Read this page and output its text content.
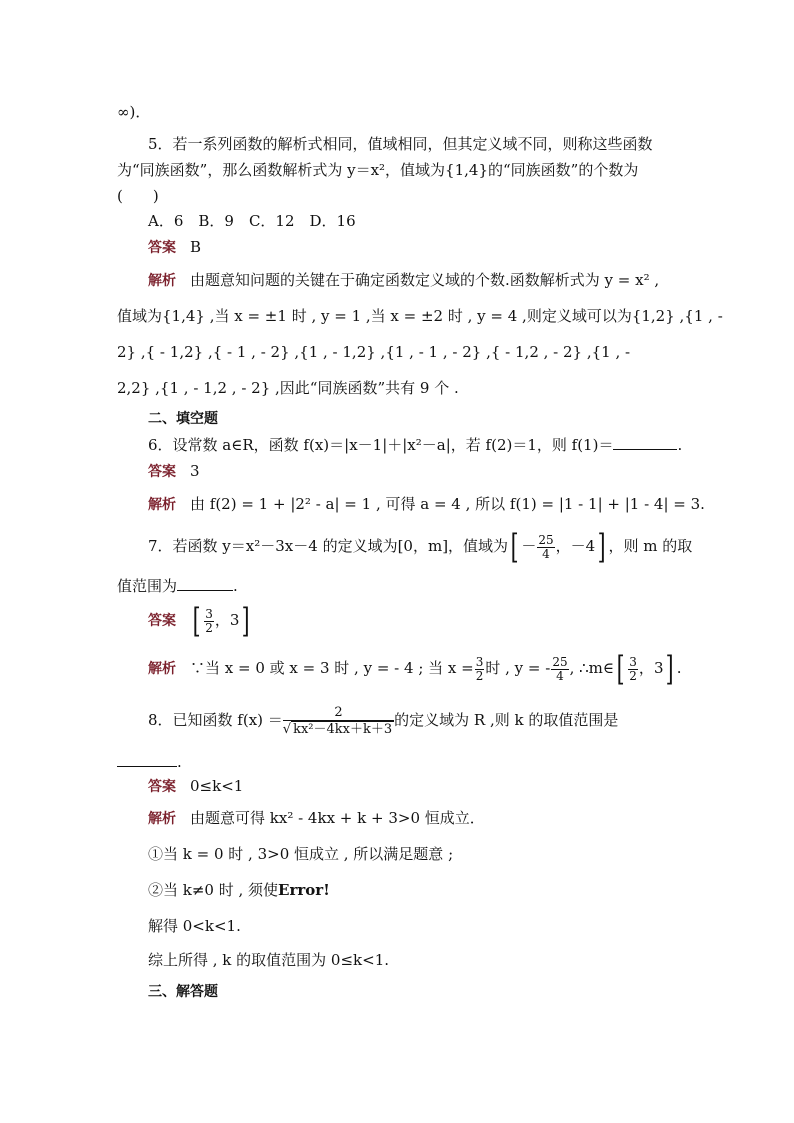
∞)．
5．若一系列函数的解析式相同，值域相同，但其定义域不同，则称这些函数
为“同族函数”，那么函数解析式为 y＝x²，值域为{1,4}的“同族函数”的个数为
(　　)
A．6　B．9　C．12　D．16
答案 B
解析 由题意知问题的关键在于确定函数定义域的个数.函数解析式为 y = x² ,
值域为{1,4} ,当 x = ±1 时 , y = 1 ,当 x = ±2 时 , y = 4 ,则定义域可以为{1,2} ,{1 , -
2} ,{ - 1,2} ,{ - 1 , - 2} ,{1 , - 1,2} ,{1 , - 1 , - 2} ,{ - 1,2 , - 2} ,{1 , -
2,2} ,{1 , - 1,2 , - 2} ,因此“同族函数”共有 9 个 .
二、填空题
6．设常数 a∈R，函数 f(x)＝|x－1|＋|x²－a|，若 f(2)＝1，则 f(1)＝	.
答案 3
解析 由 f(2) = 1 + |2² - a| = 1 , 可得 a = 4 , 所以 f(1) = |1 - 1| + |1 - 4| = 3.
7．若函数 y＝x²－3x－4 的定义域为[0，m]，值域为[ － $\frac{25}{4}$ ，－4] ，则 m 的取
值范围为	.
答案 [ $\frac{3}{2}$ ，3]
解析 ∵当 x = 0 或 x = 3 时 , y = - 4 ; 当 $x = \frac{3}{2}$ 时 , y = - $\frac{25}{4}$ , ∴m∈[ $\frac{3}{2}$ ，3] .
8．已知函数 $f(x) = \frac{2}{\text{√ kx²－4kx＋k＋3}}$的定义域为 R ,则 k 的取值范围是
.
答案 0≤k<1
解析 由题意可得 kx² - 4kx + k + 3>0 恒成立．
①当 k = 0 时 , 3>0 恒成立 , 所以满足题意 ;
②当 k≠0 时 , 须使Error!
解得 0<k<1.
综上所得 , k 的取值范围为 0≤k<1.
三、解答题
